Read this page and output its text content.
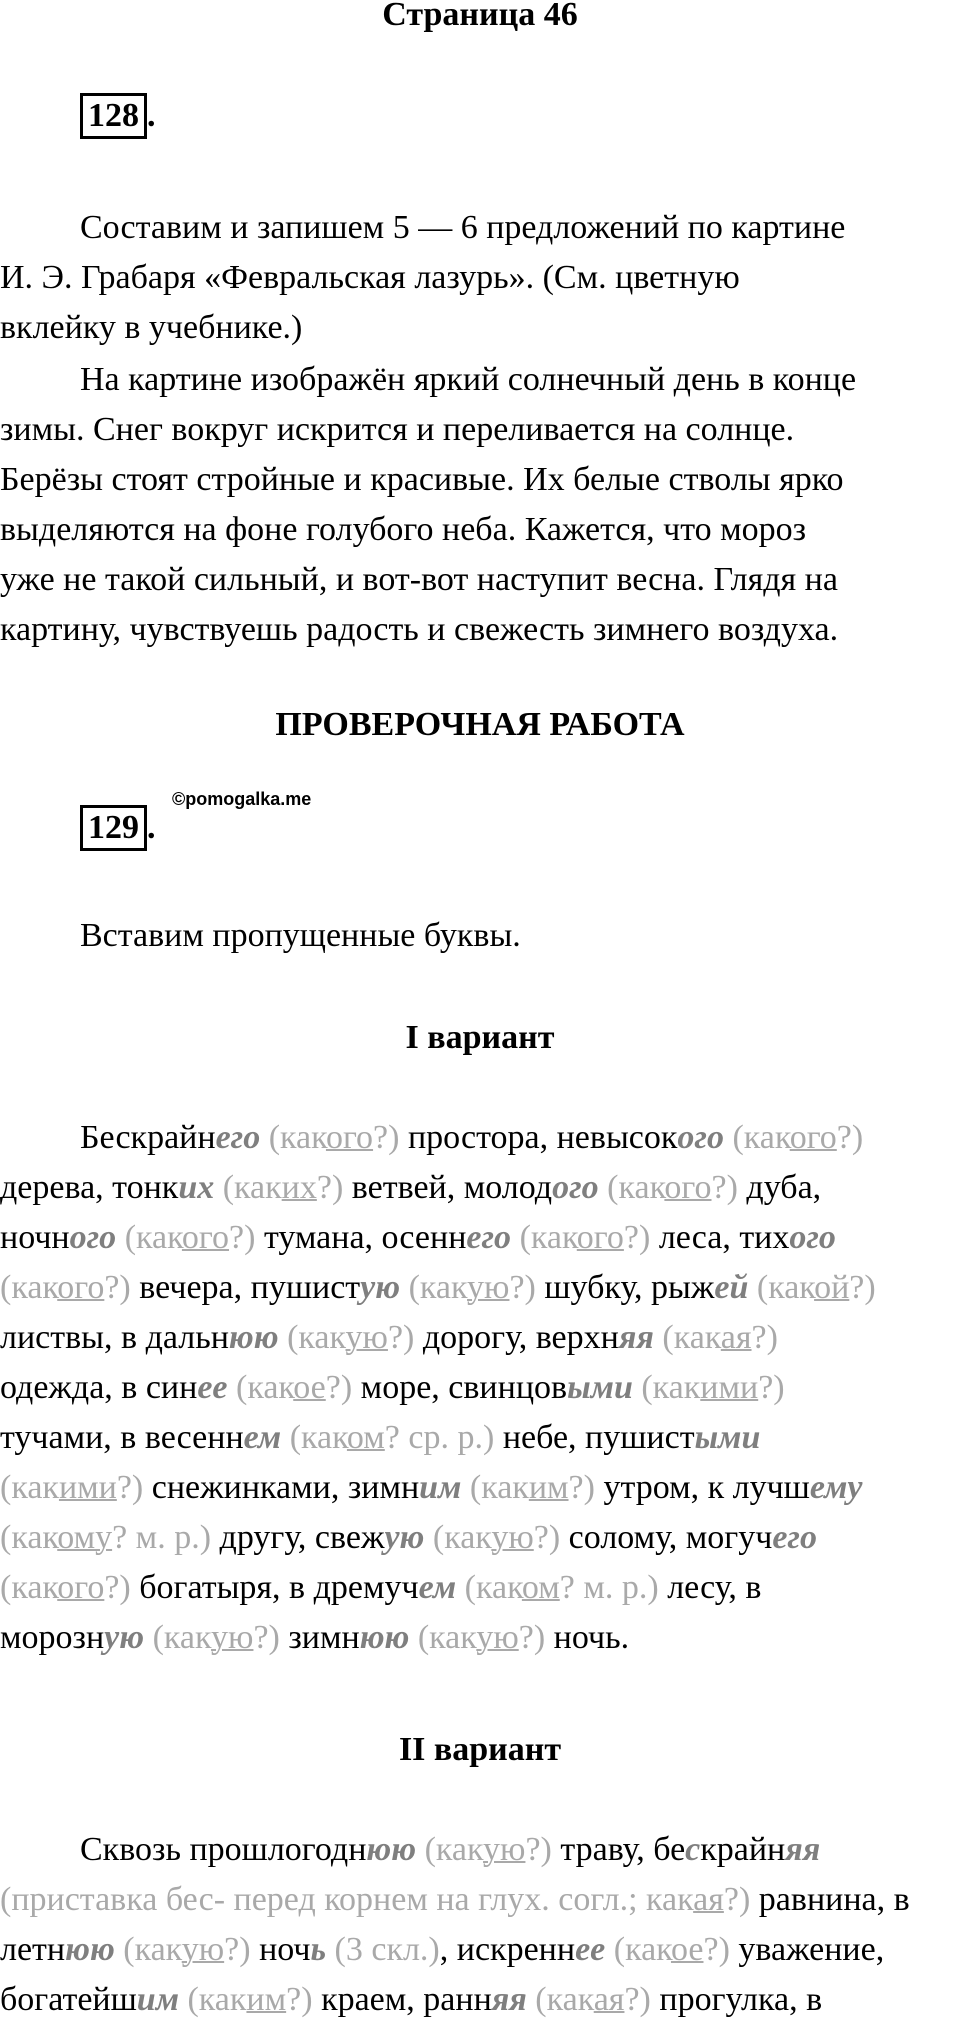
Страница 46
128 .
Составим и запишем 5 — 6 предложений по картине
И. Э. Грабаря «Февральская лазурь». (См. цветную
вклейку в учебнике.)
На картине изображён яркий солнечный день в конце
зимы. Снег вокруг искрится и переливается на солнце.
Берёзы стоят стройные и красивые. Их белые стволы ярко
выделяются на фоне голубого неба. Кажется, что мороз
уже не такой сильный, и вот-вот наступит весна. Глядя на
картину, чувствуешь радость и свежесть зимнего воздуха.
ПРОВЕРОЧНАЯ РАБОТА
129 .
©pomogalka.me
Вставим пропущенные буквы.
I вариант
Бескрайнего (какого?) простора, невысокого (какого?)
дерева, тонких (каких?) ветвей, молодого (какого?) дуба,
ночного (какого?) тумана, осеннего (какого?) леса, тихого
(какого?) вечера, пушистую (какую?) шубку, рыжей (какой?)
листвы, в дальнюю (какую?) дорогу, верхняя (какая?)
одежда, в синее (какое?) море, свинцовыми (какими?)
тучами, в весеннем (каком? ср. р.) небе, пушистыми
(какими?) снежинками, зимним (каким?) утром, к лучшему
(какому? м. р.) другу, свежую (какую?) солому, могучего
(какого?) богатыря, в дремучем (каком? м. р.) лесу, в
морозную (какую?) зимнюю (какую?) ночь.
II вариант
Сквозь прошлогоднюю (какую?) траву, бескрайняя
(приставка бес- перед корнем на глух. согл.; какая?) равнина, в
летнюю (какую?) ночь (3 скл.), искреннее (какое?) уважение,
богатейшим (каким?) краем, ранняя (какая?) прогулка, в
